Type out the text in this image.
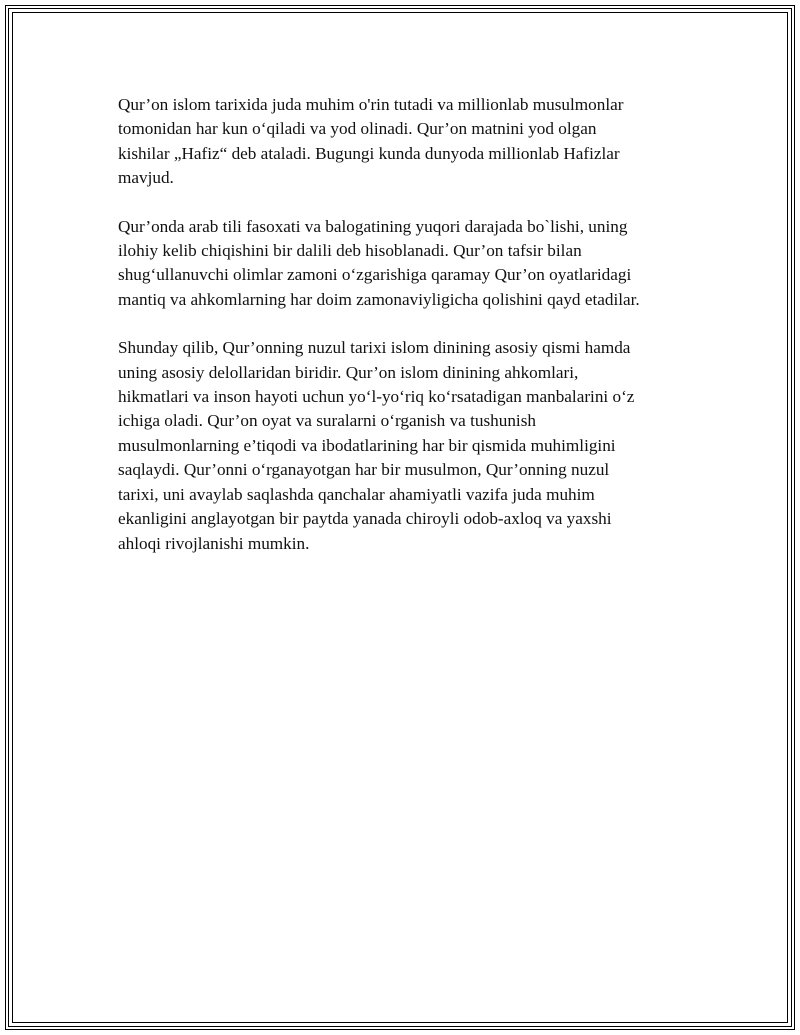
Qur’on islom tarixida juda muhim o'rin tutadi va millionlab musulmonlar
tomonidan har kun o‘qiladi va yod olinadi. Qur’on matnini yod olgan
kishilar „Hafiz“ deb ataladi. Bugungi kunda dunyoda millionlab Hafizlar
mavjud.

Qur’onda arab tili fasoxati va balogatining yuqori darajada bo`lishi, uning
ilohiy kelib chiqishini bir dalili deb hisoblanadi. Qur’on tafsir bilan
shug‘ullanuvchi olimlar zamoni o‘zgarishiga qaramay Qur’on oyatlaridagi
mantiq va ahkomlarning har doim zamonaviyligicha qolishini qayd etadilar.

Shunday qilib, Qur’onning nuzul tarixi islom dinining asosiy qismi hamda
uning asosiy delollaridan biridir. Qur’on islom dinining ahkomlari,
hikmatlari va inson hayoti uchun yo‘l-yo‘riq ko‘rsatadigan manbalarini o‘z
ichiga oladi. Qur’on oyat va suralarni o‘rganish va tushunish
musulmonlarning e’tiqodi va ibodatlarining har bir qismida muhimligini
saqlaydi. Qur’onni o‘rganayotgan har bir musulmon, Qur’onning nuzul
tarixi, uni avaylab saqlashda qanchalar ahamiyatli vazifa juda muhim
ekanligini anglayotgan bir paytda yanada chiroyli odob-axloq va yaxshi
ahloqi rivojlanishi mumkin.
